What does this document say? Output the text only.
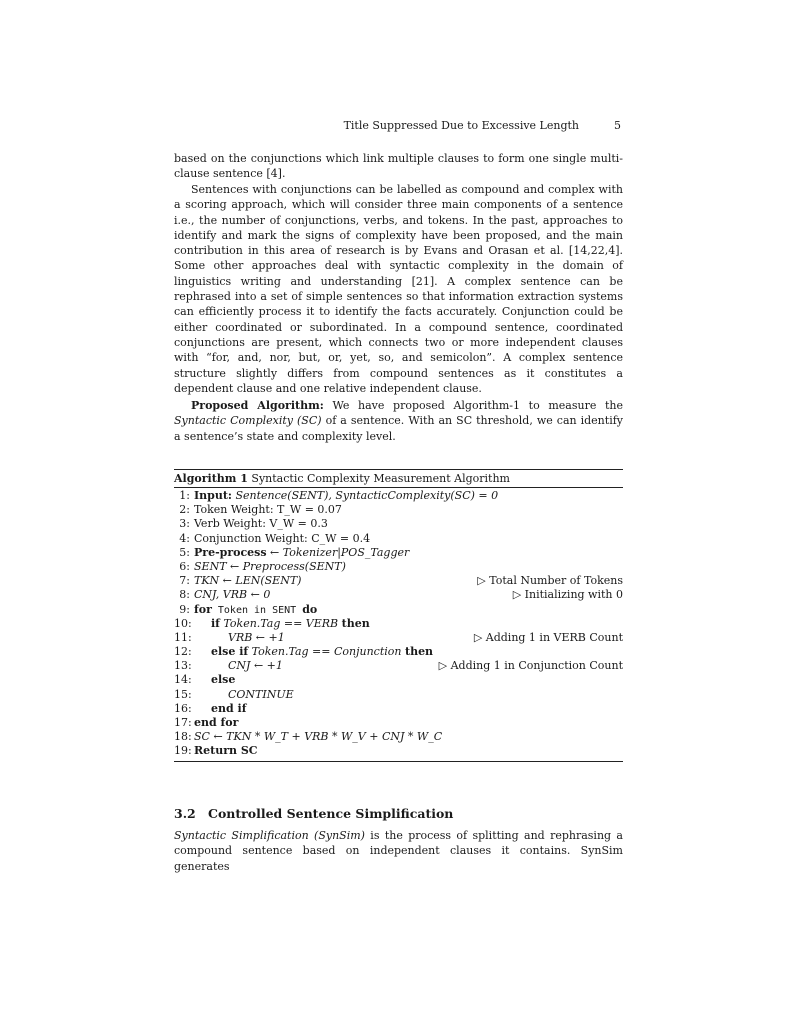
Title Suppressed Due to Excessive Length	5

based on the conjunctions which link multiple clauses to form one single multi-clause sentence [4].

Sentences with conjunctions can be labelled as compound and complex with a scoring approach, which will consider three main components of a sentence i.e., the number of conjunctions, verbs, and tokens. In the past, approaches to identify and mark the signs of complexity have been proposed, and the main contribution in this area of research is by Evans and Orasan et al. [14,22,4]. Some other approaches deal with syntactic complexity in the domain of linguistics writing and understanding [21]. A complex sentence can be rephrased into a set of simple sentences so that information extraction systems can efficiently process it to identify the facts accurately. Conjunction could be either coordinated or subordinated. In a compound sentence, coordinated conjunctions are present, which connects two or more independent clauses with “for, and, nor, but, or, yet, so, and semicolon”. A complex sentence structure slightly differs from compound sentences as it constitutes a dependent clause and one relative independent clause.

Proposed Algorithm: We have proposed Algorithm-1 to measure the Syntactic Complexity (SC) of a sentence. With an SC threshold, we can identify a sentence’s state and complexity level.

Algorithm 1 Syntactic Complexity Measurement Algorithm
1: Input: Sentence(SENT), SyntacticComplexity(SC) = 0
2: Token Weight: T_W = 0.07
3: Verb Weight: V_W = 0.3
4: Conjunction Weight: C_W = 0.4
5: Pre-process ← Tokenizer|POS_Tagger
6: SENT ← Preprocess(SENT)
7: TKN ← LEN(SENT)	▷ Total Number of Tokens
8: CNJ, VRB ← 0	▷ Initializing with 0
9: for Token in SENT do
10: if Token.Tag == VERB then
11:	VRB ← +1	▷ Adding 1 in VERB Count
12: else if Token.Tag == Conjunction then
13:	CNJ ← +1	▷ Adding 1 in Conjunction Count
14: else
15:	CONTINUE
16: end if
17: end for
18: SC ← TKN * W_T + VRB * W_V + CNJ * W_C
19: Return SC
3.2 Controlled Sentence Simplification

Syntactic Simplification (SynSim) is the process of splitting and rephrasing a compound sentence based on independent clauses it contains. SynSim generates
